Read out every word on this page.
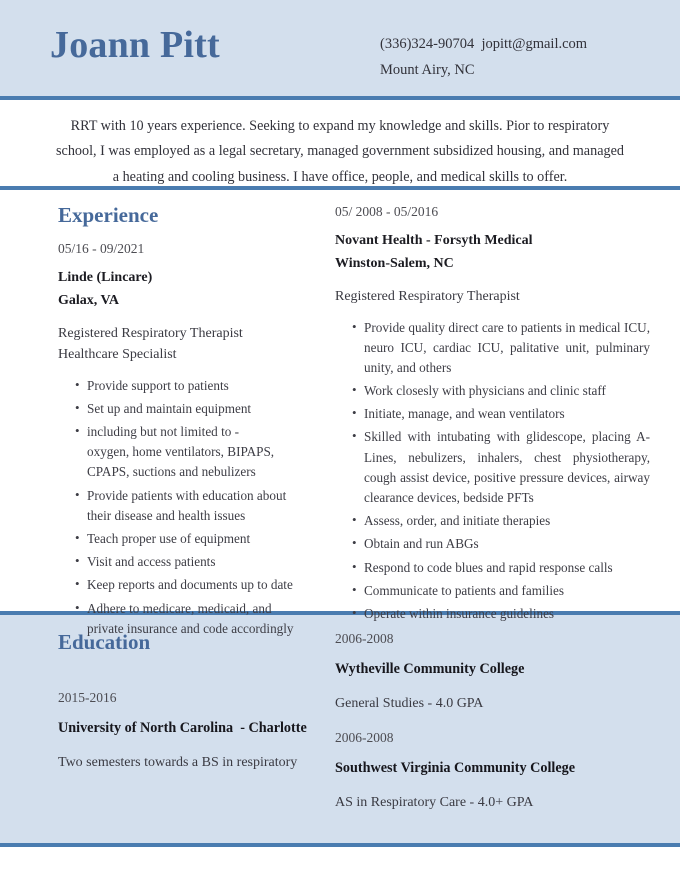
Joann Pitt	(336)324-90704  jopitt@gmail.com
Mount Airy, NC
RRT with 10 years experience. Seeking to expand my knowledge and skills. Pior to respiratory school, I was employed as a legal secretary, managed government subsidized housing, and managed a heating and cooling business. I have office, people, and medical skills to offer.
Experience
05/16 - 09/2021
Linde (Lincare)
Galax, VA
Registered Respiratory Therapist
Healthcare Specialist
• Provide support to patients
• Set up and maintain equipment
• including but not limited to -
oxygen, home ventilators, BIPAPS,
CPAPS, suctions and nebulizers
• Provide patients with education about their disease and health issues
• Teach proper use of equipment
• Visit and access patients
• Keep reports and documents up to date
• Adhere to medicare, medicaid, and private insurance and code accordingly
05/ 2008 - 05/2016
Novant Health - Forsyth Medical
Winston-Salem, NC
Registered Respiratory Therapist
• Provide quality direct care to patients in medical ICU, neuro ICU, cardiac ICU, palitative unit, pulminary unity, and others
• Work closesly with physicians and clinic staff
• Initiate, manage, and wean ventilators
• Skilled with intubating with glidescope, placing A-Lines, nebulizers, inhalers, chest physiotherapy, cough assist device, positive pressure devices, airway clearance devices, bedside PFTs
• Assess, order, and initiate therapies
• Obtain and run ABGs
• Respond to code blues and rapid response calls
• Communicate to patients and families
• Operate within insurance guidelines
Education
2015-2016
University of North Carolina  - Charlotte
Two semesters towards a BS in respiratory
2006-2008
Wytheville Community College
General Studies - 4.0 GPA
2006-2008
Southwest Virginia Community College
AS in Respiratory Care - 4.0+ GPA
